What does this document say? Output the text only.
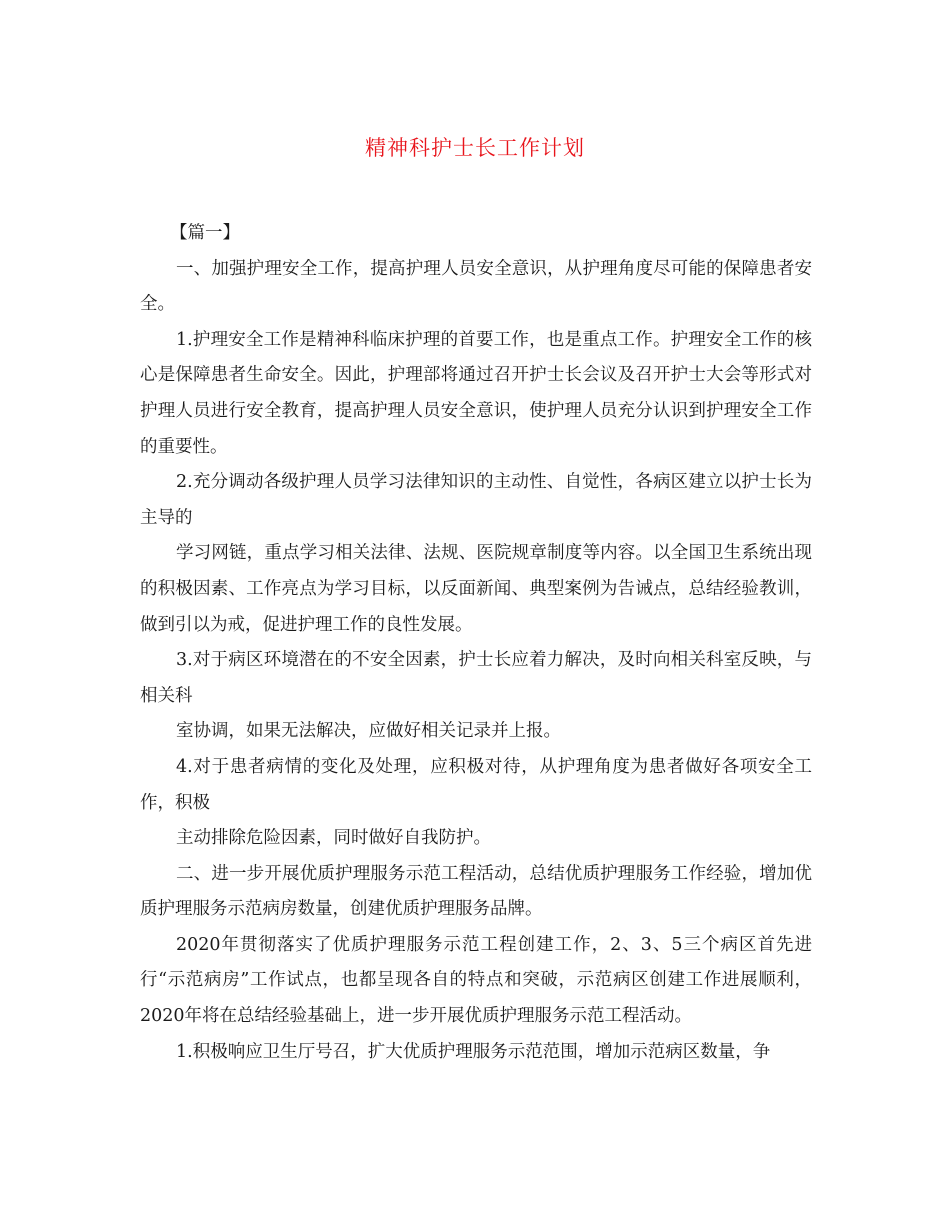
精神科护士长工作计划

【篇一】

一、加强护理安全工作，提高护理人员安全意识，从护理角度尽可能的保障患者安全。

1.护理安全工作是精神科临床护理的首要工作，也是重点工作。护理安全工作的核心是保障患者生命安全。因此，护理部将通过召开护士长会议及召开护士大会等形式对护理人员进行安全教育，提高护理人员安全意识，使护理人员充分认识到护理安全工作的重要性。

2.充分调动各级护理人员学习法律知识的主动性、自觉性，各病区建立以护士长为主导的

学习网链，重点学习相关法律、法规、医院规章制度等内容。以全国卫生系统出现的积极因素、工作亮点为学习目标，以反面新闻、典型案例为告诫点，总结经验教训，做到引以为戒，促进护理工作的良性发展。

3.对于病区环境潜在的不安全因素，护士长应着力解决，及时向相关科室反映，与相关科

室协调，如果无法解决，应做好相关记录并上报。

4.对于患者病情的变化及处理，应积极对待，从护理角度为患者做好各项安全工作，积极

主动排除危险因素，同时做好自我防护。

二、进一步开展优质护理服务示范工程活动，总结优质护理服务工作经验，增加优质护理服务示范病房数量，创建优质护理服务品牌。

2020年贯彻落实了优质护理服务示范工程创建工作，2、3、5三个病区首先进行“示范病房”工作试点，也都呈现各自的特点和突破，示范病区创建工作进展顺利，2020年将在总结经验基础上，进一步开展优质护理服务示范工程活动。

1.积极响应卫生厅号召，扩大优质护理服务示范范围，增加示范病区数量，争
